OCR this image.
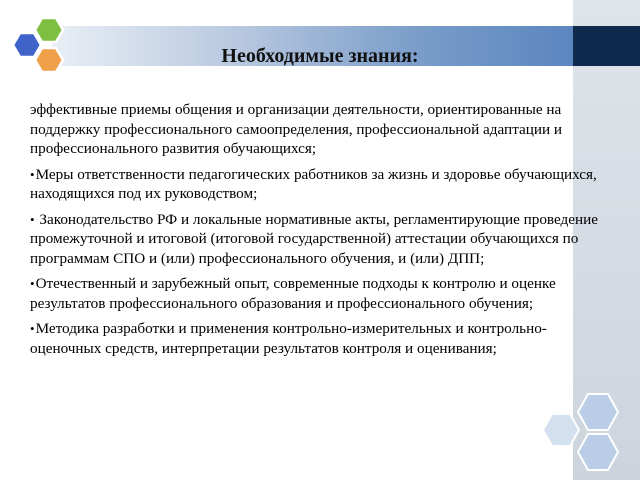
Необходимые знания:

эффективные приемы общения и организации деятельности, ориентированные на поддержку профессионального самоопределения, профессиональной адаптации и профессионального развития обучающихся;

•Меры ответственности педагогических работников за жизнь и здоровье обучающихся, находящихся под их руководством;

• Законодательство РФ и локальные нормативные акты, регламентирующие проведение промежуточной и итоговой (итоговой государственной) аттестации обучающихся по программам СПО и (или) профессионального обучения, и (или) ДПП;

•Отечественный и зарубежный опыт, современные подходы к контролю и оценке результатов профессионального образования и профессионального обучения;

•Методика разработки и применения контрольно-измерительных и контрольно-оценочных средств, интерпретации результатов контроля и оценивания;
